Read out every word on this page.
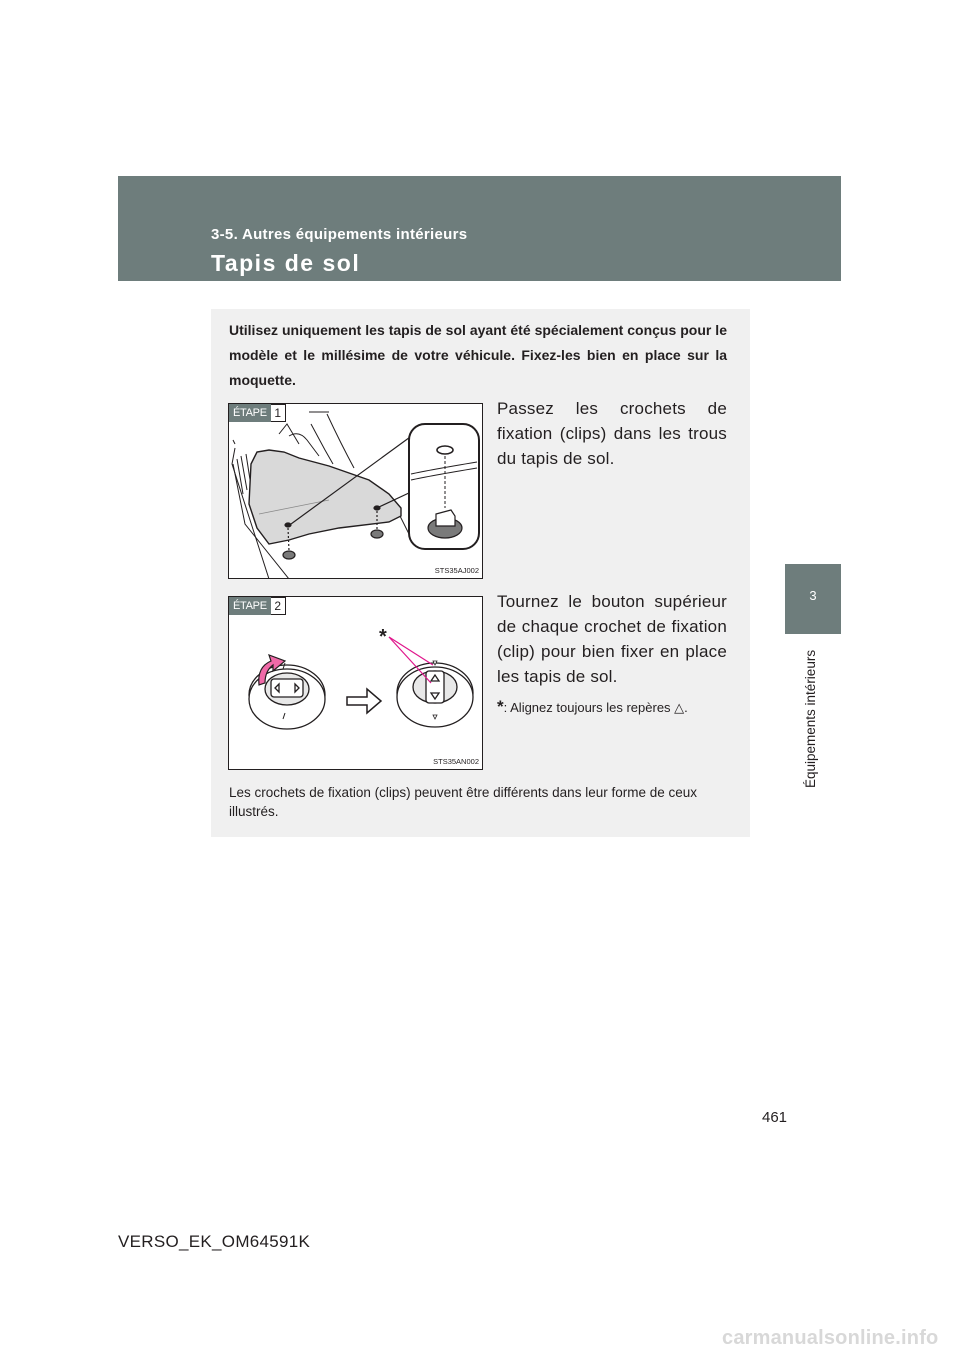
3-5. Autres équipements intérieurs
Tapis de sol
3
Équipements intérieurs

Utilisez uniquement les tapis de sol ayant été spécialement conçus pour le modèle et le millésime de votre véhicule. Fixez-les bien en place sur la moquette.

ÉTAPE 1
STS35AJ002

Passez les crochets de fixation (clips) dans les trous du tapis de sol.

*
ÉTAPE 2
STS35AN002

Tournez le bouton supérieur de chaque crochet de fixation (clip) pour bien fixer en place les tapis de sol.

*: Alignez toujours les repères △.

Les crochets de fixation (clips) peuvent être différents dans leur forme de ceux illustrés.

461
VERSO_EK_OM64591K
carmanualsonline.info
